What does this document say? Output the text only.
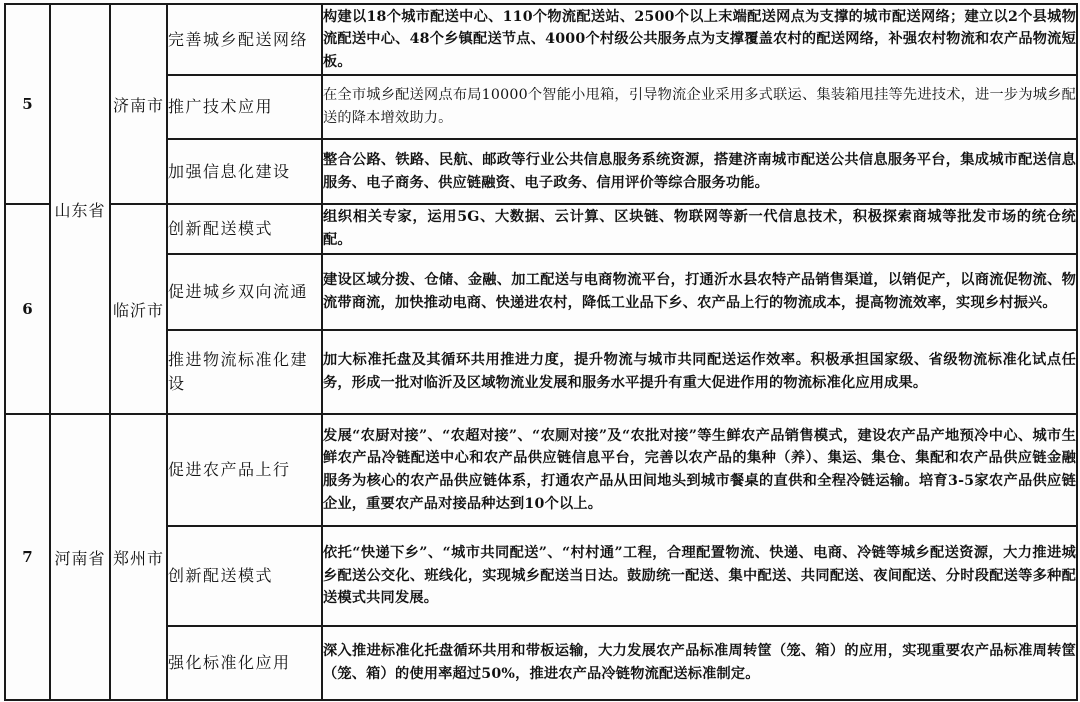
5	山东省	济南市	完善城乡配送网络	构建以18个城市配送中心、110个物流配送站、2500个以上末端配送网点为支撑的城市配送网络；建立以2个县城物流配送中心、48个乡镇配送节点、4000个村级公共服务点为支撑覆盖农村的配送网络，补强农村物流和农产品物流短板。
			推广技术应用	在全市城乡配送网点布局10000个智能小甩箱，引导物流企业采用多式联运、集装箱甩挂等先进技术，进一步为城乡配送的降本增效助力。
			加强信息化建设	整合公路、铁路、民航、邮政等行业公共信息服务系统资源，搭建济南城市配送公共信息服务平台，集成城市配送信息服务、电子商务、供应链融资、电子政务、信用评价等综合服务功能。
6		临沂市	创新配送模式	组织相关专家，运用5G、大数据、云计算、区块链、物联网等新一代信息技术，积极探索商城等批发市场的统仓统配。
			促进城乡双向流通	建设区域分拨、仓储、金融、加工配送与电商物流平台，打通沂水县农特产品销售渠道，以销促产，以商流促物流、物流带商流，加快推动电商、快递进农村，降低工业品下乡、农产品上行的物流成本，提高物流效率，实现乡村振兴。
			推进物流标准化建设	加大标准托盘及其循环共用推进力度，提升物流与城市共同配送运作效率。积极承担国家级、省级物流标准化试点任务，形成一批对临沂及区域物流业发展和服务水平提升有重大促进作用的物流标准化应用成果。
7	河南省	郑州市	促进农产品上行	发展“农厨对接”、“农超对接”、“农厕对接”及“农批对接”等生鲜农产品销售模式，建设农产品产地预冷中心、城市生鲜农产品冷链配送中心和农产品供应链信息平台，完善以农产品的集种（养）、集运、集仓、集配和农产品供应链金融服务为核心的农产品供应链体系，打通农产品从田间地头到城市餐桌的直供和全程冷链运输。培育3-5家农产品供应链企业，重要农产品对接品种达到10个以上。
			创新配送模式	依托“快递下乡”、“城市共同配送”、“村村通”工程，合理配置物流、快递、电商、冷链等城乡配送资源，大力推进城乡配送公交化、班线化，实现城乡配送当日达。鼓励统一配送、集中配送、共同配送、夜间配送、分时段配送等多种配送模式共同发展。
			强化标准化应用	深入推进标准化托盘循环共用和带板运输，大力发展农产品标准周转筐（笼、箱）的应用，实现重要农产品标准周转筐（笼、箱）的使用率超过50%，推进农产品冷链物流配送标准制定。
